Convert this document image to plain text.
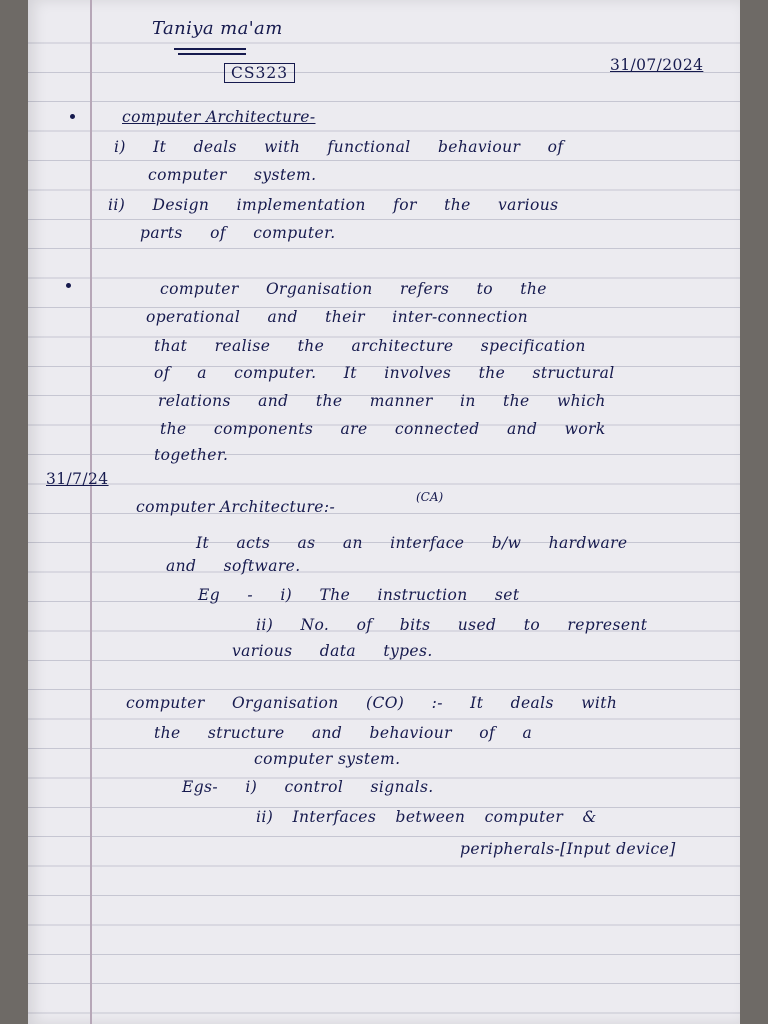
Taniya ma'am
CS323	31/07/2024
computer Architecture-
i) It deals with functional behaviour of
computer system.
ii) Design implementation for the various
parts of computer.
computer Organisation refers to the
operational and their inter-connection
that realise the architecture specification
of a computer. It involves the structural
relations and the manner in the which
the components are connected and work
together.
31/7/24
computer Architecture:-
(CA)
It acts as an interface b/w hardware
and software.
Eg - i) The instruction set
ii) No. of bits used to represent
various data types.
computer Organisation (CO) :- It deals with
the structure and behaviour of a
computer system.
Egs- i) control signals.
ii) Interfaces between computer &
peripherals-[Input device]
